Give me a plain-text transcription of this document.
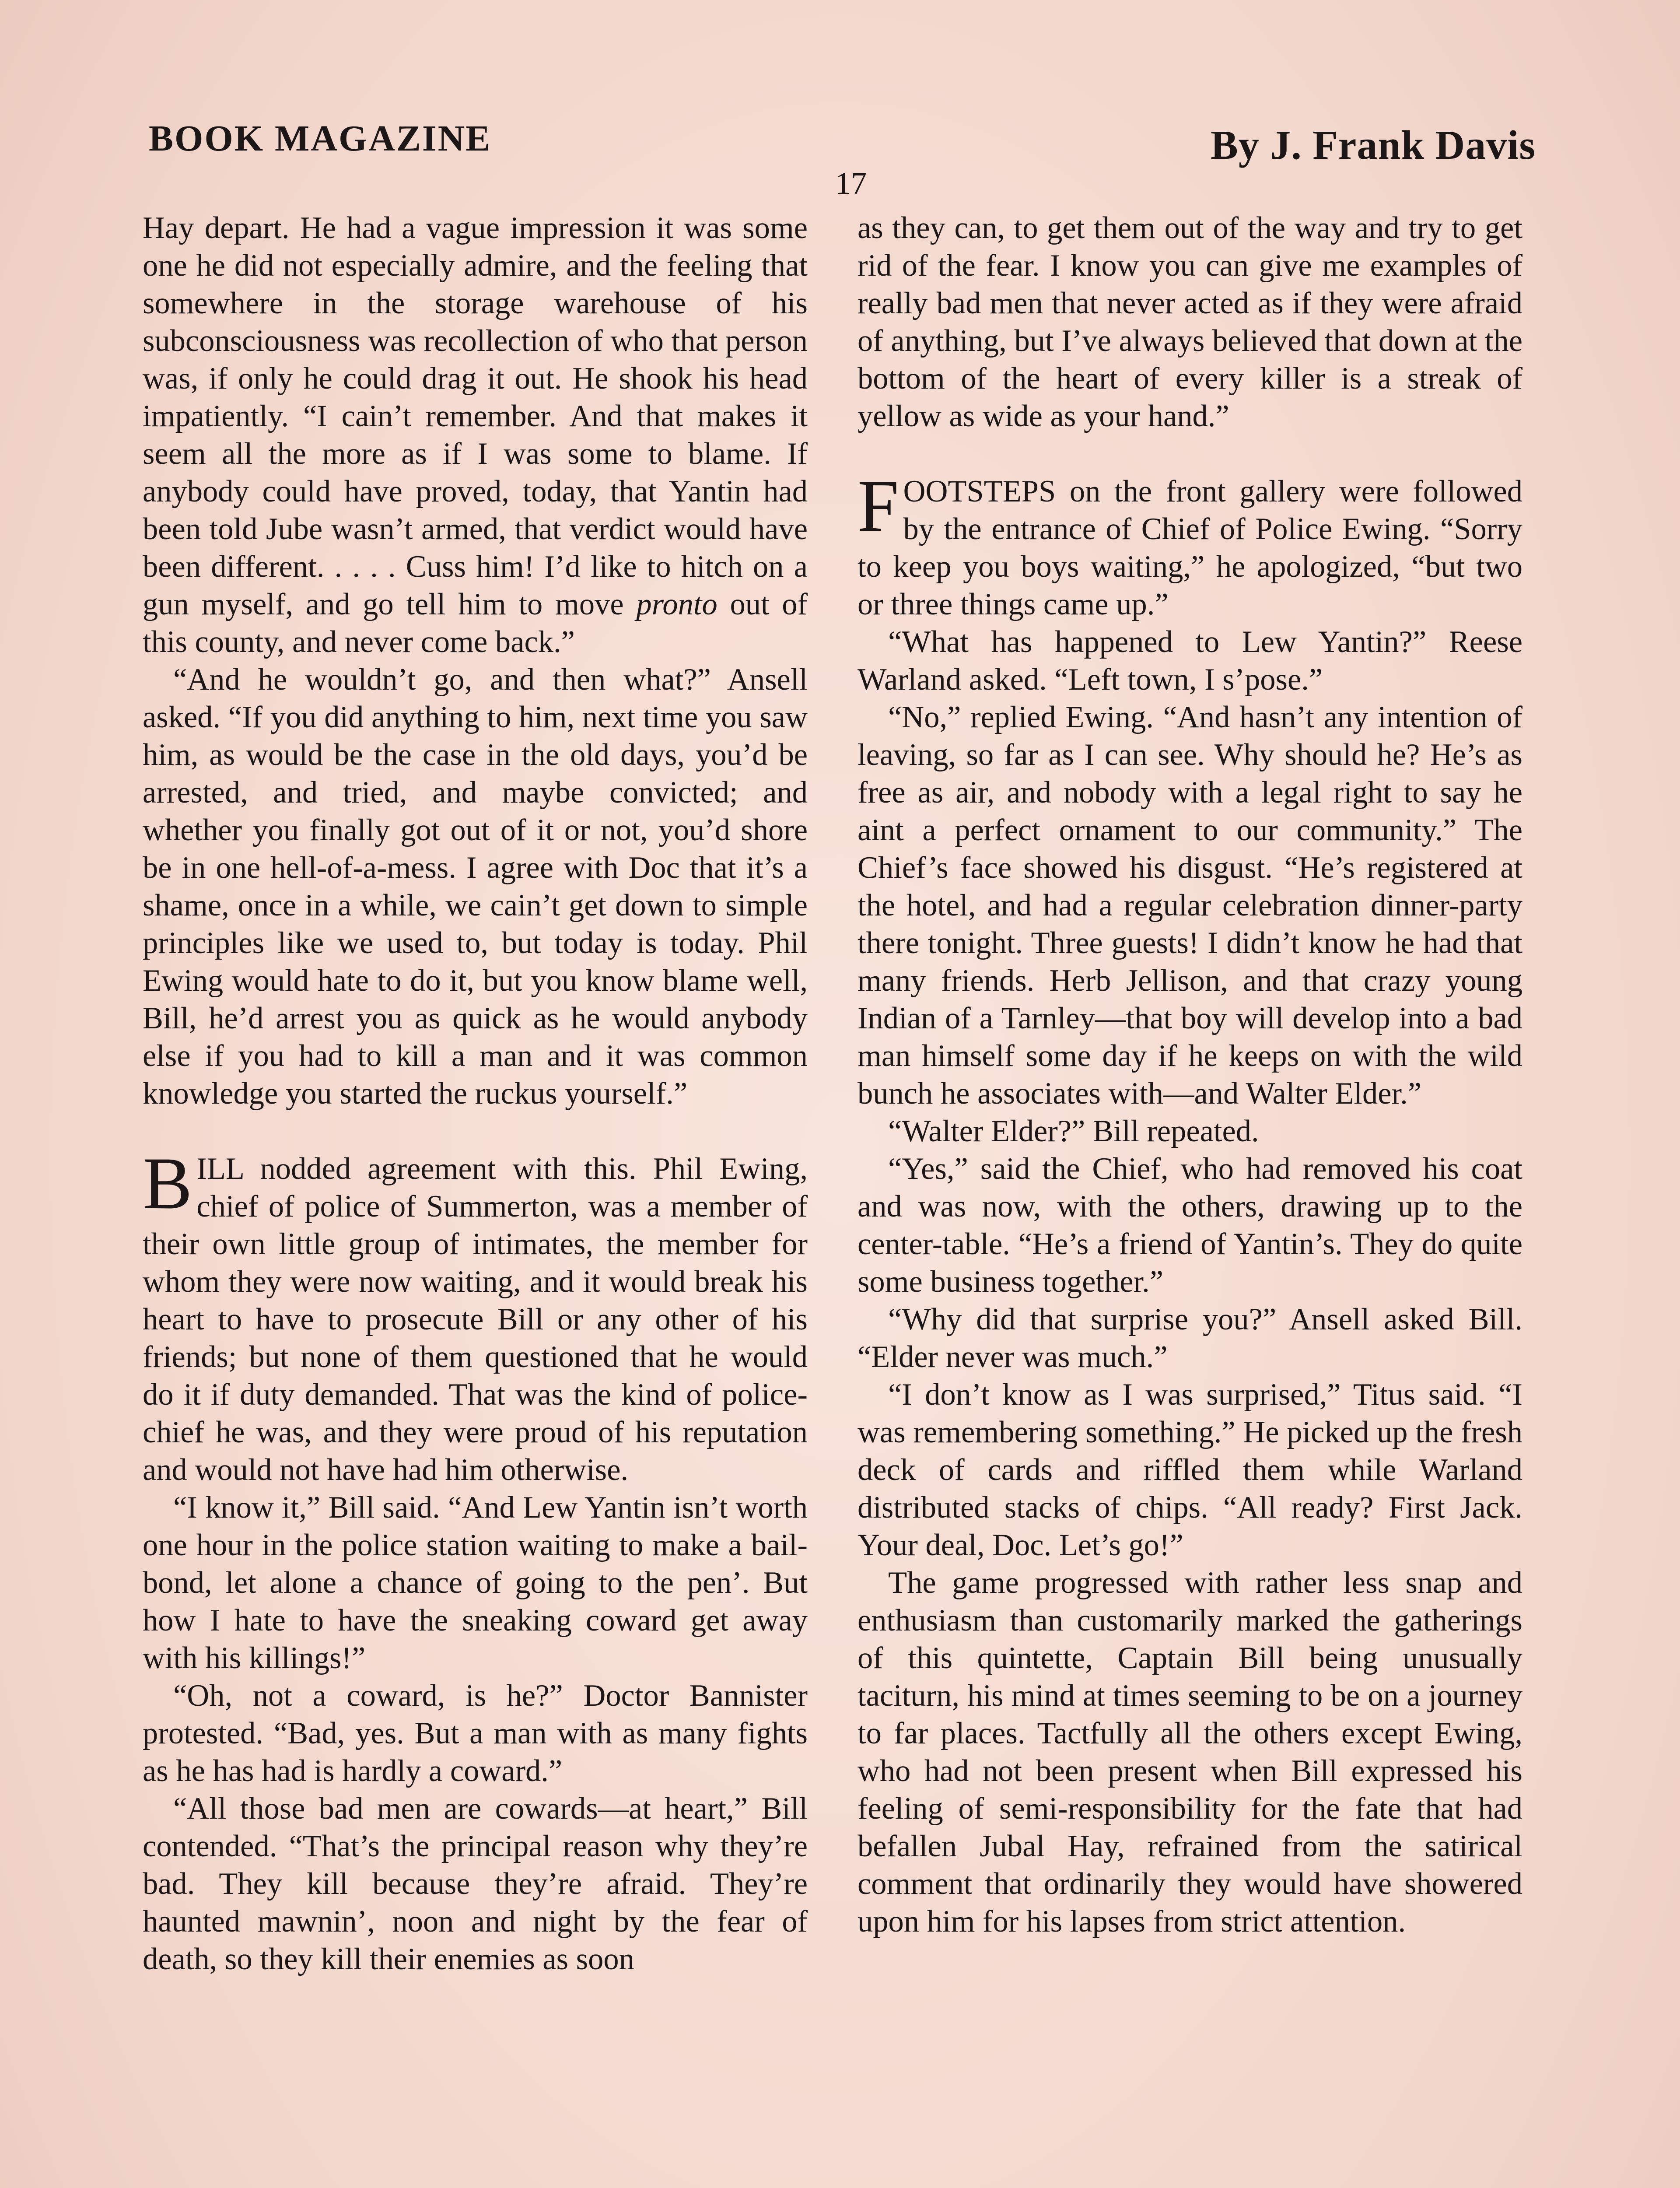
BOOK MAGAZINE	By J. Frank Davis
17

Hay depart. He had a vague impression it was some one he did not especially admire, and the feeling that somewhere in the storage warehouse of his subconsciousness was recollection of who that person was, if only he could drag it out. He shook his head impatiently. “I cain’t remember. And that makes it seem all the more as if I was some to blame. If anybody could have proved, today, that Yantin had been told Jube wasn’t armed, that verdict would have been different. . . . . Cuss him! I’d like to hitch on a gun myself, and go tell him to move pronto out of this county, and never come back.”

“And he wouldn’t go, and then what?” Ansell asked. “If you did anything to him, next time you saw him, as would be the case in the old days, you’d be arrested, and tried, and maybe convicted; and whether you finally got out of it or not, you’d shore be in one hell-of-a-mess. I agree with Doc that it’s a shame, once in a while, we cain’t get down to simple principles like we used to, but today is today. Phil Ewing would hate to do it, but you know blame well, Bill, he’d arrest you as quick as he would anybody else if you had to kill a man and it was common knowledge you started the ruckus yourself.”

BILL nodded agreement with this. Phil Ewing, chief of police of Summerton, was a member of their own little group of intimates, the member for whom they were now waiting, and it would break his heart to have to prosecute Bill or any other of his friends; but none of them questioned that he would do it if duty demanded. That was the kind of police-chief he was, and they were proud of his reputation and would not have had him otherwise.

“I know it,” Bill said. “And Lew Yantin isn’t worth one hour in the police station waiting to make a bail-bond, let alone a chance of going to the pen’. But how I hate to have the sneaking coward get away with his killings!”

“Oh, not a coward, is he?” Doctor Bannister protested. “Bad, yes. But a man with as many fights as he has had is hardly a coward.”

“All those bad men are cowards—at heart,” Bill contended. “That’s the principal reason why they’re bad. They kill because they’re afraid. They’re haunted mawnin’, noon and night by the fear of death, so they kill their enemies as soon

as they can, to get them out of the way and try to get rid of the fear. I know you can give me examples of really bad men that never acted as if they were afraid of anything, but I’ve always believed that down at the bottom of the heart of every killer is a streak of yellow as wide as your hand.”

FOOTSTEPS on the front gallery were followed by the entrance of Chief of Police Ewing. “Sorry to keep you boys waiting,” he apologized, “but two or three things came up.”

“What has happened to Lew Yantin?” Reese Warland asked. “Left town, I s’pose.”

“No,” replied Ewing. “And hasn’t any intention of leaving, so far as I can see. Why should he? He’s as free as air, and nobody with a legal right to say he aint a perfect ornament to our community.” The Chief’s face showed his disgust. “He’s registered at the hotel, and had a regular celebration dinner-party there tonight. Three guests! I didn’t know he had that many friends. Herb Jellison, and that crazy young Indian of a Tarnley—that boy will develop into a bad man himself some day if he keeps on with the wild bunch he associates with—and Walter Elder.”

“Walter Elder?” Bill repeated.

“Yes,” said the Chief, who had removed his coat and was now, with the others, drawing up to the center-table. “He’s a friend of Yantin’s. They do quite some business together.”

“Why did that surprise you?” Ansell asked Bill. “Elder never was much.”

“I don’t know as I was surprised,” Titus said. “I was remembering something.” He picked up the fresh deck of cards and riffled them while Warland distributed stacks of chips. “All ready? First Jack. Your deal, Doc. Let’s go!”

The game progressed with rather less snap and enthusiasm than customarily marked the gatherings of this quintette, Captain Bill being unusually taciturn, his mind at times seeming to be on a journey to far places. Tactfully all the others except Ewing, who had not been present when Bill expressed his feeling of semi-responsibility for the fate that had befallen Jubal Hay, refrained from the satirical comment that ordinarily they would have showered upon him for his lapses from strict attention.
